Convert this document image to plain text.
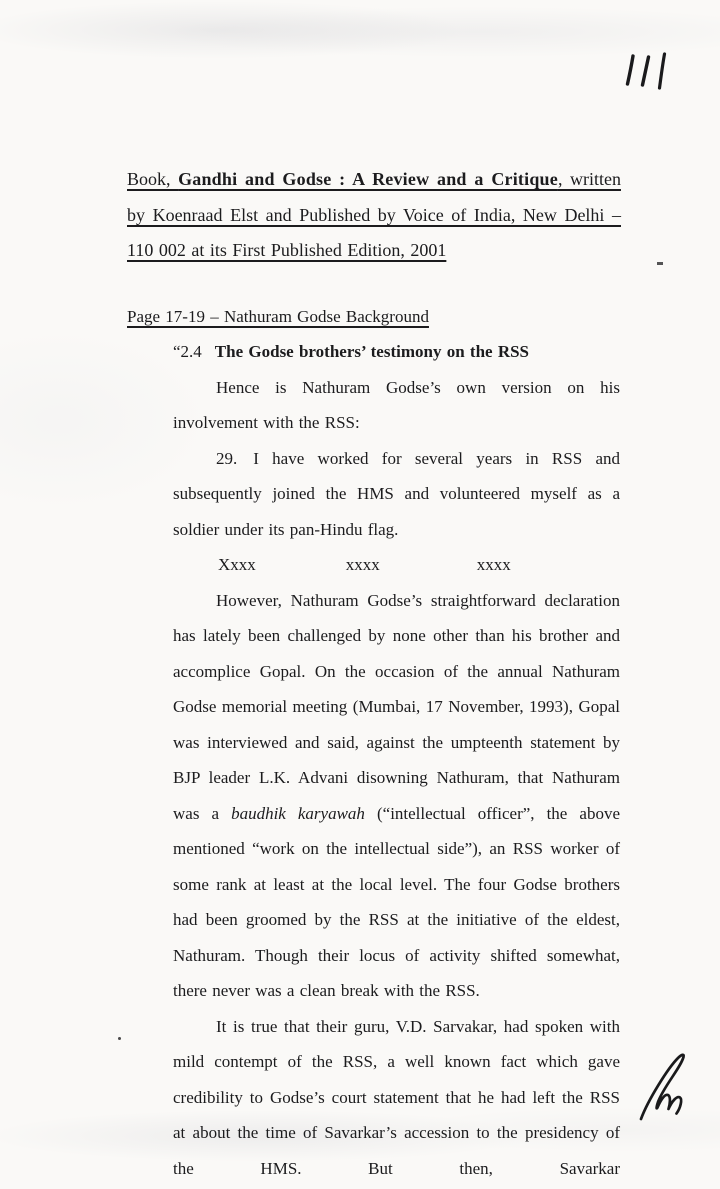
Book, Gandhi and Godse : A Review and a Critique, written by Koenraad Elst and Published by Voice of India, New Delhi – 110 002 at its First Published Edition, 2001

Page 17-19 – Nathuram Godse Background

“2.4 The Godse brothers’ testimony on the RSS

Hence is Nathuram Godse’s own version on his involvement with the RSS:

29. I have worked for several years in RSS and subsequently joined the HMS and volunteered myself as a soldier under its pan-Hindu flag.

Xxxx	xxxx	xxxx

However, Nathuram Godse’s straightforward declaration has lately been challenged by none other than his brother and accomplice Gopal. On the occasion of the annual Nathuram Godse memorial meeting (Mumbai, 17 November, 1993), Gopal was interviewed and said, against the umpteenth statement by BJP leader L.K. Advani disowning Nathuram, that Nathuram was a baudhik karyawah (“intellectual officer”, the above mentioned “work on the intellectual side”), an RSS worker of some rank at least at the local level. The four Godse brothers had been groomed by the RSS at the initiative of the eldest, Nathuram. Though their locus of activity shifted somewhat, there never was a clean break with the RSS.

It is true that their guru, V.D. Sarvakar, had spoken with mild contempt of the RSS, a well known fact which gave credibility to Godse’s court statement that he had left the RSS at about the time of Savarkar’s accession to the presidency of the HMS. But then, Savarkar
